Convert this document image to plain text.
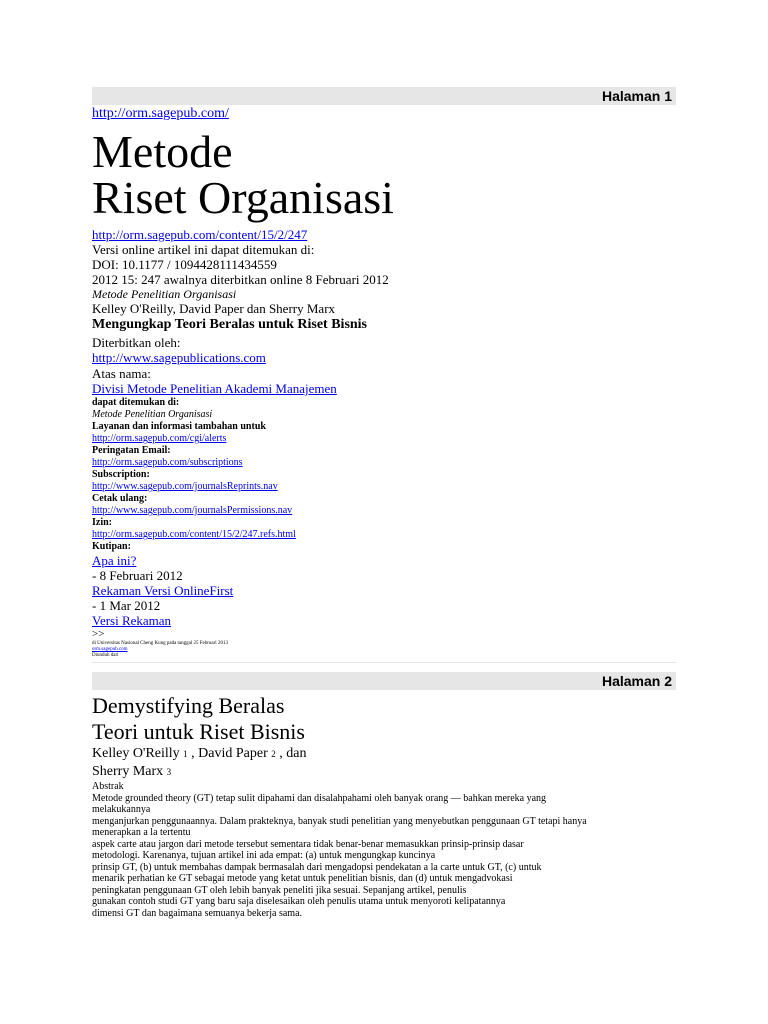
Halaman 1
http://orm.sagepub.com/
Metode
Riset Organisasi
http://orm.sagepub.com/content/15/2/247
Versi online artikel ini dapat ditemukan di:
DOI: 10.1177 / 1094428111434559
2012 15: 247 awalnya diterbitkan online 8 Februari 2012
Metode Penelitian Organisasi
Kelley O'Reilly, David Paper dan Sherry Marx
Mengungkap Teori Beralas untuk Riset Bisnis
Diterbitkan oleh:
http://www.sagepublications.com
Atas nama:
Divisi Metode Penelitian Akademi Manajemen
dapat ditemukan di:
Metode Penelitian Organisasi
Layanan dan informasi tambahan untuk
http://orm.sagepub.com/cgi/alerts
Peringatan Email:
http://orm.sagepub.com/subscriptions
Subscription:
http://www.sagepub.com/journalsReprints.nav
Cetak ulang:
http://www.sagepub.com/journalsPermissions.nav
Izin:
http://orm.sagepub.com/content/15/2/247.refs.html
Kutipan:
Apa ini?
- 8 Februari 2012
Rekaman Versi OnlineFirst
- 1 Mar 2012
Versi Rekaman
>>
di Universitas Nasional Cheng Kung pada tanggal 25 Februari 2013
orm.sagepub.com
Diunduh dari
Halaman 2
Demystifying Beralas
Teori untuk Riset Bisnis
Kelley O'Reilly 1 , David Paper 2 , dan
Sherry Marx 3
Abstrak
Metode grounded theory (GT) tetap sulit dipahami dan disalahpahami oleh banyak orang — bahkan mereka yang
melakukannya
menganjurkan penggunaannya. Dalam prakteknya, banyak studi penelitian yang menyebutkan penggunaan GT tetapi hanya
menerapkan a la tertentu
aspek carte atau jargon dari metode tersebut sementara tidak benar-benar memasukkan prinsip-prinsip dasar
metodologi. Karenanya, tujuan artikel ini ada empat: (a) untuk mengungkap kuncinya
prinsip GT, (b) untuk membahas dampak bermasalah dari mengadopsi pendekatan a la carte untuk GT, (c) untuk
menarik perhatian ke GT sebagai metode yang ketat untuk penelitian bisnis, dan (d) untuk mengadvokasi
peningkatan penggunaan GT oleh lebih banyak peneliti jika sesuai. Sepanjang artikel, penulis
gunakan contoh studi GT yang baru saja diselesaikan oleh penulis utama untuk menyoroti kelipatannya
dimensi GT dan bagaimana semuanya bekerja sama.
